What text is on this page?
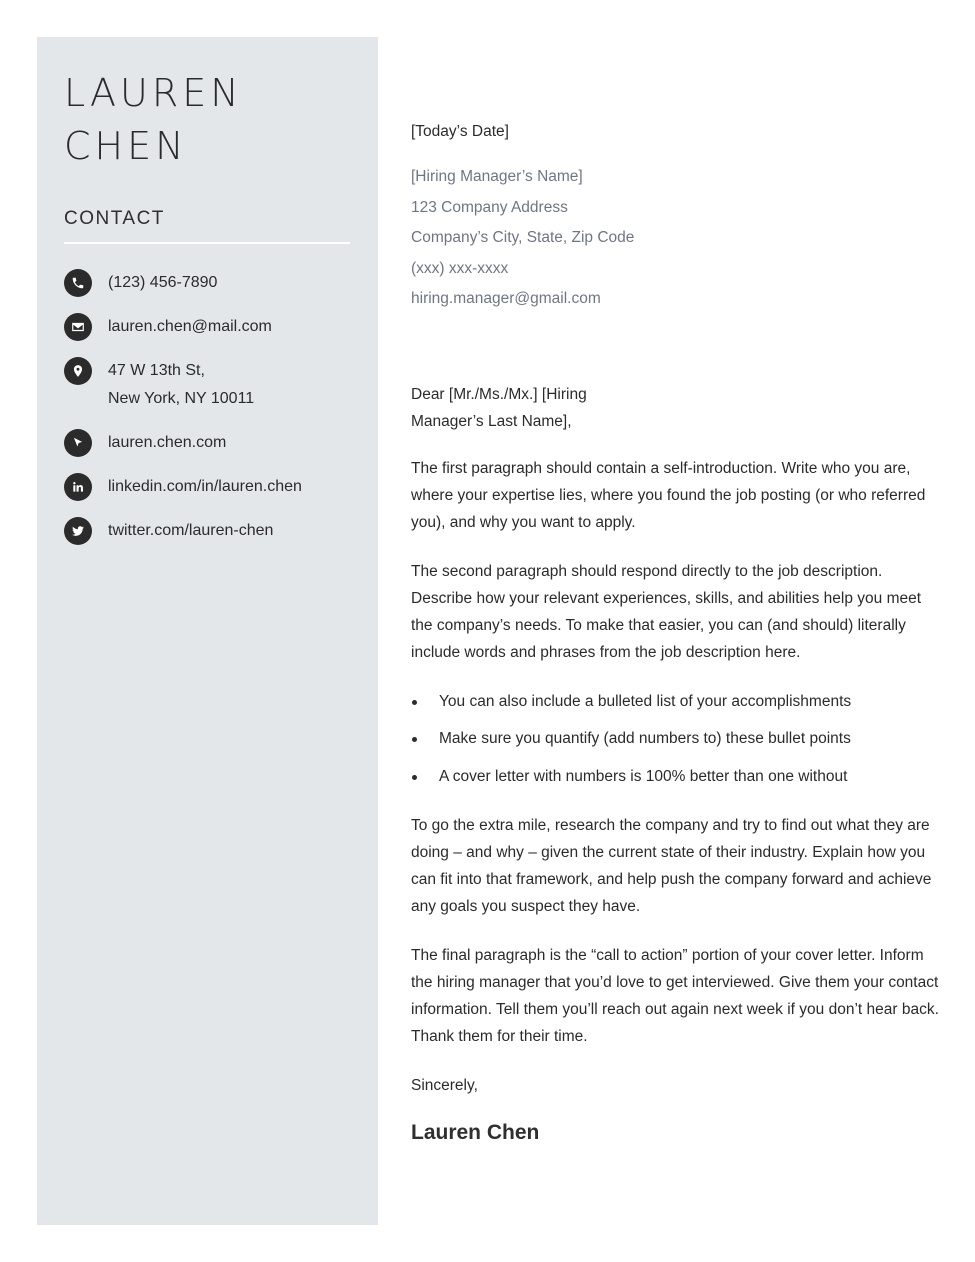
LAUREN
CHEN
CONTACT
(123) 456-7890
lauren.chen@mail.com
47 W 13th St,
New York, NY 10011
lauren.chen.com
linkedin.com/in/lauren.chen
twitter.com/lauren-chen
[Today’s Date]
[Hiring Manager’s Name]
123 Company Address
Company’s City, State, Zip Code
(xxx) xxx-xxxx
hiring.manager@gmail.com
Dear [Mr./Ms./Mx.] [Hiring Manager’s Last Name],

The first paragraph should contain a self-introduction. Write who you are, where your expertise lies, where you found the job posting (or who referred you), and why you want to apply.

The second paragraph should respond directly to the job description. Describe how your relevant experiences, skills, and abilities help you meet the company’s needs. To make that easier, you can (and should) literally include words and phrases from the job description here.

You can also include a bulleted list of your accomplishments
Make sure you quantify (add numbers to) these bullet points
A cover letter with numbers is 100% better than one without

To go the extra mile, research the company and try to find out what they are doing – and why – given the current state of their industry. Explain how you can fit into that framework, and help push the company forward and achieve any goals you suspect they have.

The final paragraph is the “call to action” portion of your cover letter. Inform the hiring manager that you’d love to get interviewed. Give them your contact information. Tell them you’ll reach out again next week if you don’t hear back. Thank them for their time.

Sincerely,
Lauren Chen
